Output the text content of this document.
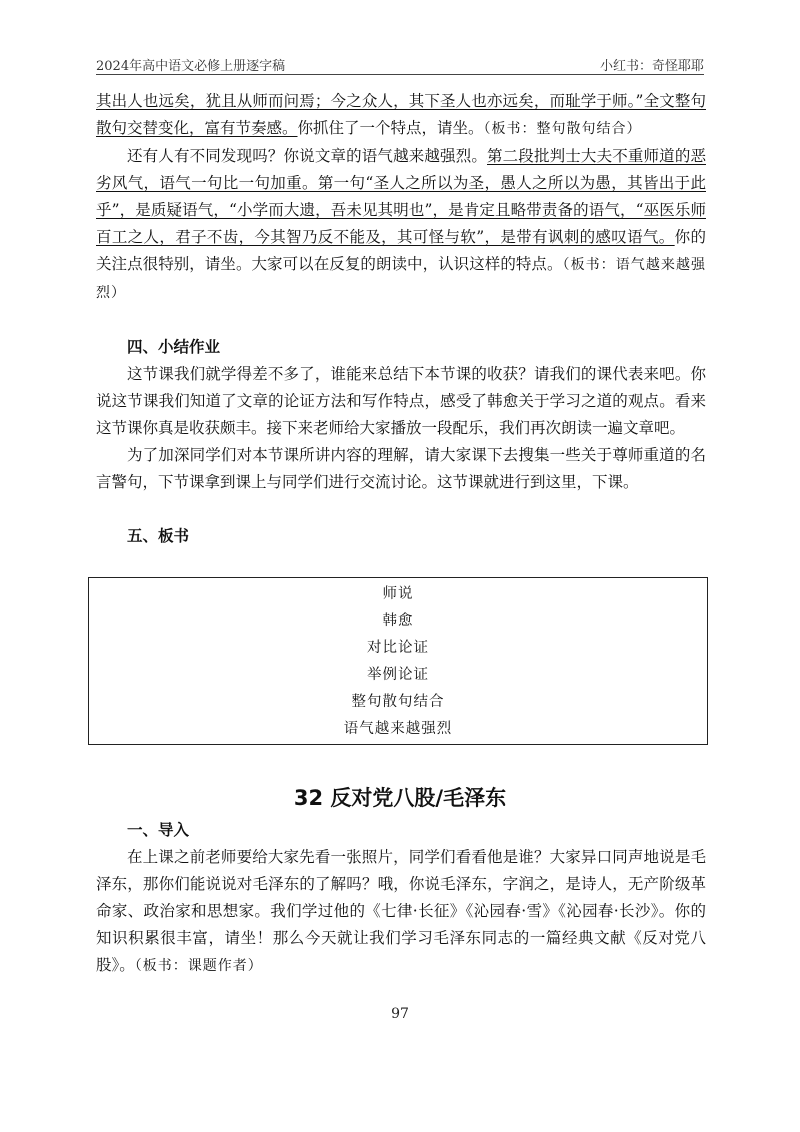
2024年高中语文必修上册逐字稿	小红书：奇怪耶耶

其出人也远矣，犹且从师而问焉；今之众人，其下圣人也亦远矣，而耻学于师。”全文整句散句交替变化，富有节奏感。你抓住了一个特点，请坐。（板书：整句散句结合）

还有人有不同发现吗？你说文章的语气越来越强烈。第二段批判士大夫不重师道的恶劣风气，语气一句比一句加重。第一句“圣人之所以为圣，愚人之所以为愚，其皆出于此乎”，是质疑语气，“小学而大遗，吾未见其明也”，是肯定且略带责备的语气，“巫医乐师百工之人，君子不齿，今其智乃反不能及，其可怪与软”，是带有讽刺的感叹语气。你的关注点很特别，请坐。大家可以在反复的朗读中，认识这样的特点。（板书：语气越来越强烈）

四、小结作业

这节课我们就学得差不多了，谁能来总结下本节课的收获？请我们的课代表来吧。你说这节课我们知道了文章的论证方法和写作特点，感受了韩愈关于学习之道的观点。看来这节课你真是收获颇丰。接下来老师给大家播放一段配乐，我们再次朗读一遍文章吧。

为了加深同学们对本节课所讲内容的理解，请大家课下去搜集一些关于尊师重道的名言警句，下节课拿到课上与同学们进行交流讨论。这节课就进行到这里，下课。

五、板书

师说
韩愈
对比论证
举例论证
整句散句结合
语气越来越强烈
32 反对党八股/毛泽东

一、导入

在上课之前老师要给大家先看一张照片，同学们看看他是谁？大家异口同声地说是毛泽东，那你们能说说对毛泽东的了解吗？哦，你说毛泽东，字润之，是诗人，无产阶级革命家、政治家和思想家。我们学过他的《七律·长征》《沁园春·雪》《沁园春·长沙》。你的知识积累很丰富，请坐！那么今天就让我们学习毛泽东同志的一篇经典文献《反对党八股》。（板书：课题作者）

97
